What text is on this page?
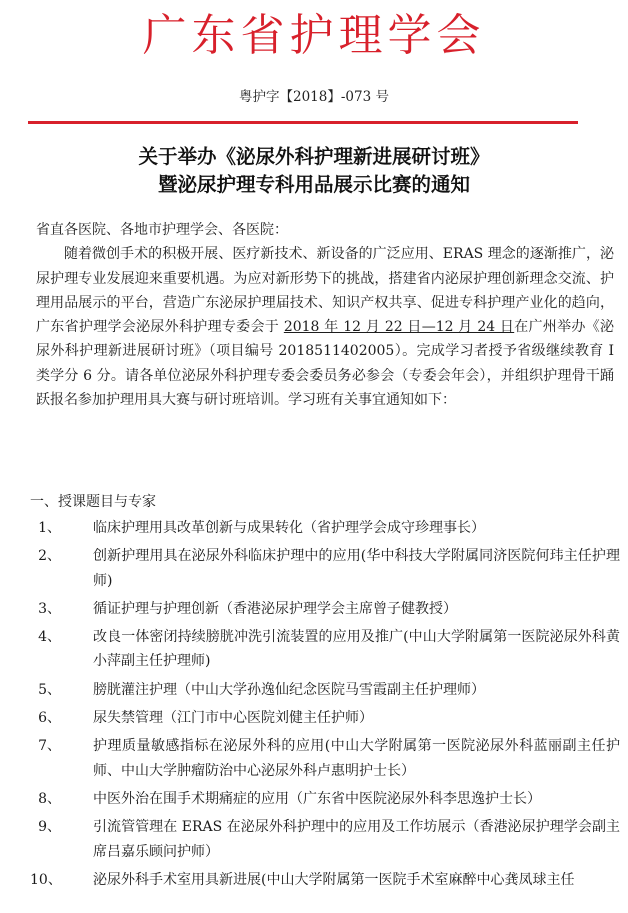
广东省护理学会
粤护字【2018】-073 号
关于举办《泌尿外科护理新进展研讨班》
暨泌尿护理专科用品展示比赛的通知

省直各医院、各地市护理学会、各医院：

随着微创手术的积极开展、医疗新技术、新设备的广泛应用、ERAS 理念的逐渐推广，泌尿护理专业发展迎来重要机遇。为应对新形势下的挑战，搭建省内泌尿护理创新理念交流、护理用品展示的平台，营造广东泌尿护理届技术、知识产权共享、促进专科护理产业化的趋向，广东省护理学会泌尿外科护理专委会于 2018 年 12 月 22 日—12 月 24 日在广州举办《泌尿外科护理新进展研讨班》（项目编号 2018511402005）。完成学习者授予省级继续教育 I 类学分 6 分。请各单位泌尿外科护理专委会委员务必参会（专委会年会），并组织护理骨干踊跃报名参加护理用具大赛与研讨班培训。学习班有关事宜通知如下：

一、授课题目与专家
1、	临床护理用具改革创新与成果转化（省护理学会成守珍理事长）
2、	创新护理用具在泌尿外科临床护理中的应用(华中科技大学附属同济医院何玮主任护理师)
3、	循证护理与护理创新（香港泌尿护理学会主席曾子健教授）
4、	改良一体密闭持续膀胱冲洗引流装置的应用及推广(中山大学附属第一医院泌尿外科黄小萍副主任护理师)
5、	膀胱灌注护理（中山大学孙逸仙纪念医院马雪霞副主任护理师）
6、	尿失禁管理（江门市中心医院刘健主任护师）
7、	护理质量敏感指标在泌尿外科的应用(中山大学附属第一医院泌尿外科蓝丽副主任护师、中山大学肿瘤防治中心泌尿外科卢惠明护士长）
8、	中医外治在围手术期痛症的应用（广东省中医院泌尿外科李思逸护士长）
9、	引流管管理在 ERAS 在泌尿外科护理中的应用及工作坊展示（香港泌尿护理学会副主席吕嘉乐顾问护师）
10、	泌尿外科手术室用具新进展(中山大学附属第一医院手术室麻醉中心龚凤球主任
